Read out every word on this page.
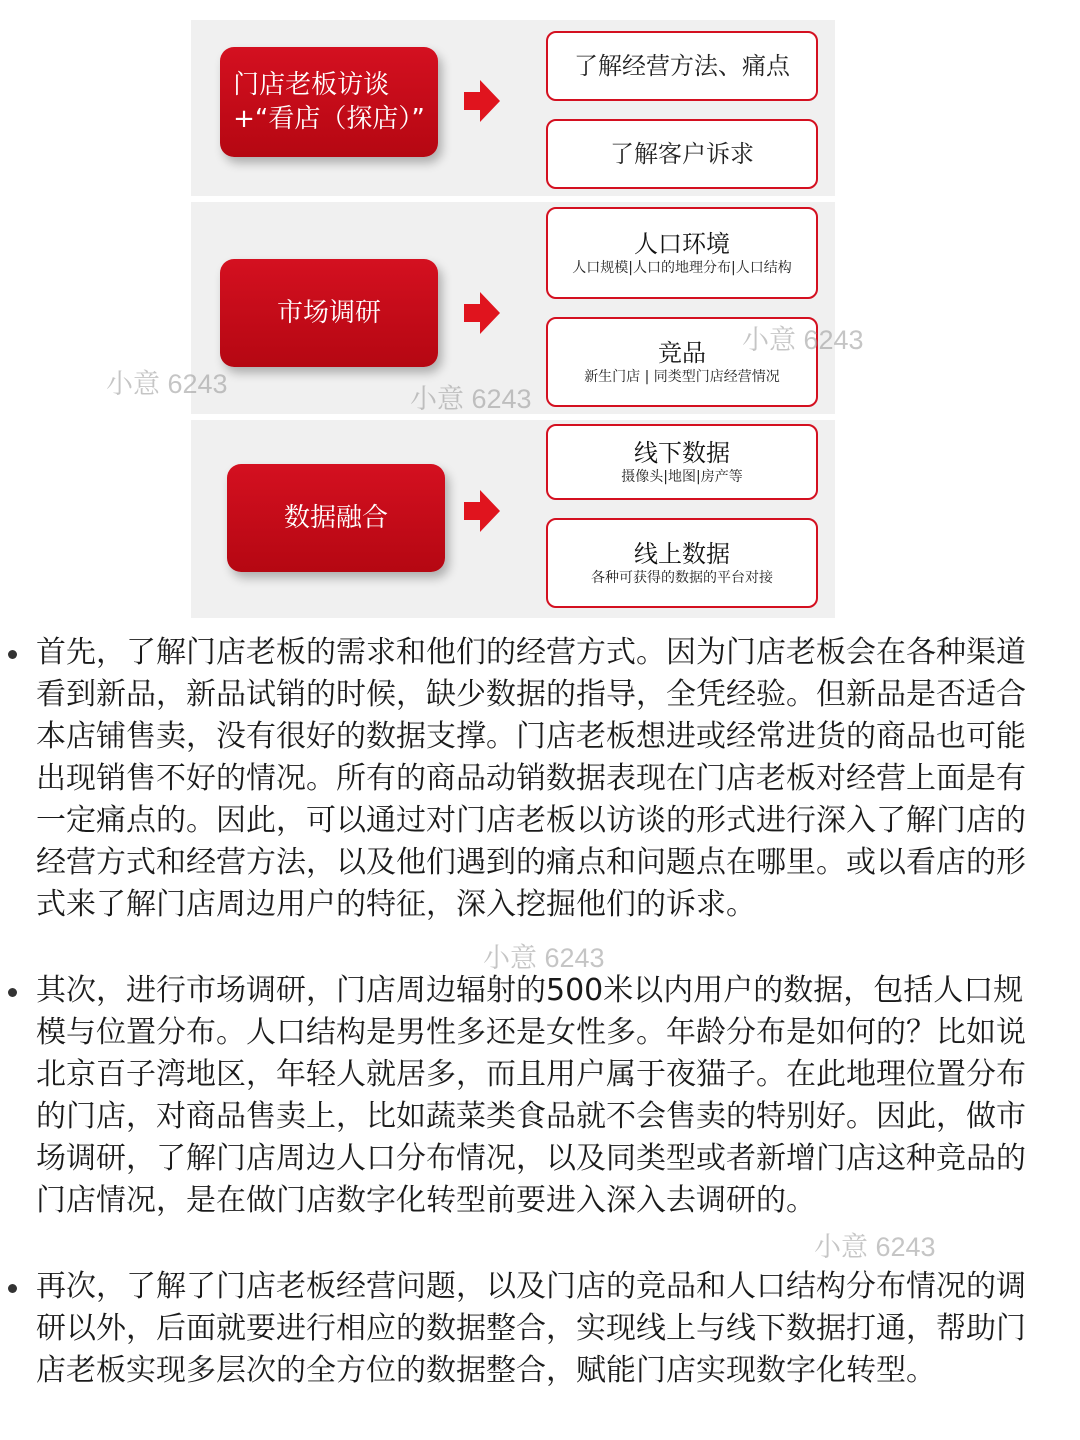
门店老板访谈
+“看店（探店）”
了解经营方法、痛点
了解客户诉求
市场调研
人口环境
人口规模|人口的地理分布|人口结构
竞品
新生门店 | 同类型门店经营情况
数据融合
线下数据
摄像头|地图|房产等
线上数据
各种可获得的数据的平台对接
小意 6243	小意 6243
小意 6243
小意 6243
小意 6243

首先，了解门店老板的需求和他们的经营方式。因为门店老板会在各种渠道看到新品，新品试销的时候，缺少数据的指导，全凭经验。但新品是否适合本店铺售卖，没有很好的数据支撑。门店老板想进或经常进货的商品也可能出现销售不好的情况。所有的商品动销数据表现在门店老板对经营上面是有一定痛点的。因此，可以通过对门店老板以访谈的形式进行深入了解门店的经营方式和经营方法，以及他们遇到的痛点和问题点在哪里。或以看店的形式来了解门店周边用户的特征，深入挖掘他们的诉求。

其次，进行市场调研，门店周边辐射的500米以内用户的数据，包括人口规模与位置分布。人口结构是男性多还是女性多。年龄分布是如何的？比如说北京百子湾地区，年轻人就居多，而且用户属于夜猫子。在此地理位置分布的门店，对商品售卖上，比如蔬菜类食品就不会售卖的特别好。因此，做市场调研，了解门店周边人口分布情况，以及同类型或者新增门店这种竞品的门店情况，是在做门店数字化转型前要进入深入去调研的。

再次，了解了门店老板经营问题，以及门店的竞品和人口结构分布情况的调研以外，后面就要进行相应的数据整合，实现线上与线下数据打通，帮助门店老板实现多层次的全方位的数据整合，赋能门店实现数字化转型。
